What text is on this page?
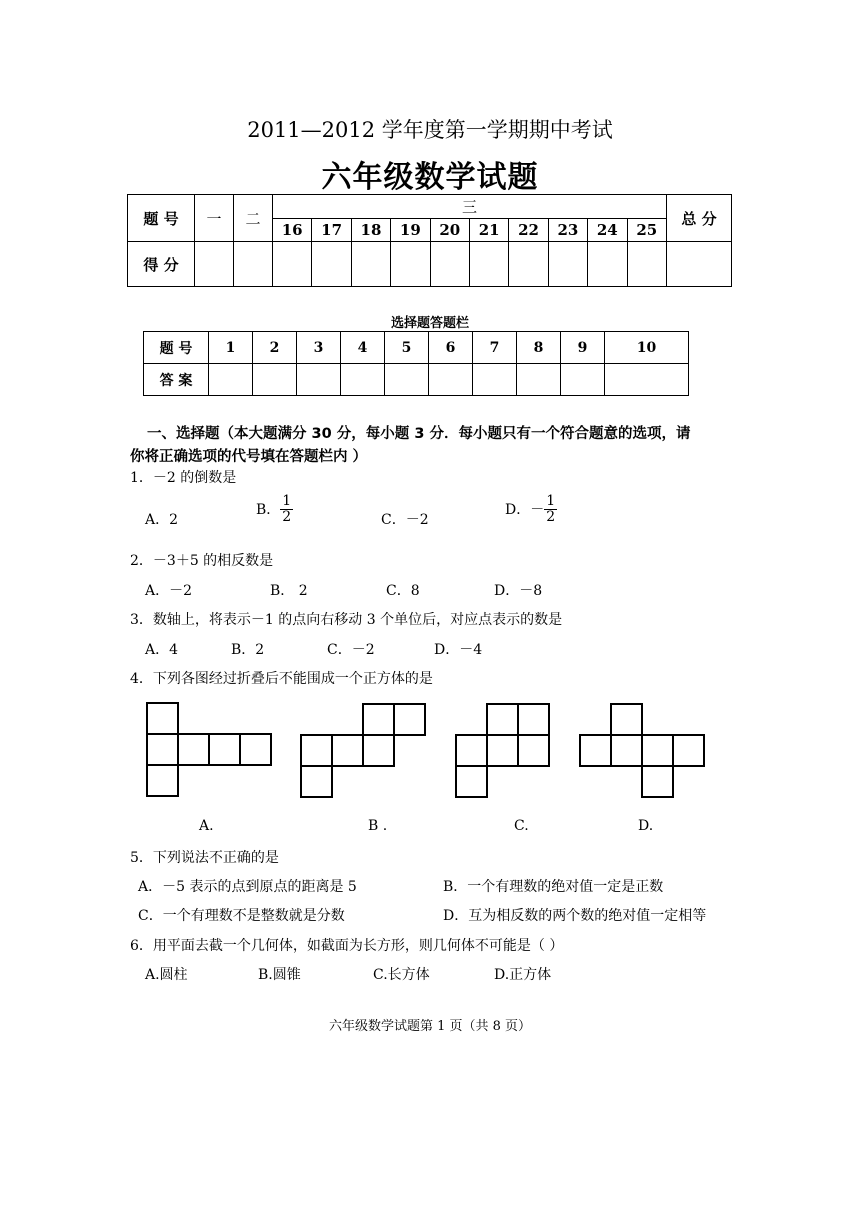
2011—2012 学年度第一学期期中考试
六年级数学试题
题 号	一	二	三										总 分
			16	17	18	19	20	21	22	23	24	25	
得 分													
选择题答题栏
题 号	1	2	3	4	5	6	7	8	9	10
答 案										
一、选择题（本大题满分 30 分，每小题 3 分．每小题只有一个符合题意的选项，请
你将正确选项的代号填在答题栏内 ）
1．－2 的倒数是
A．2
B． $\frac{1}{2}$	C．－2
D．－ $\frac{1}{2}$
2．－3＋5 的相反数是
A．－2	B． 2	C．8	D．－8
3．数轴上，将表示－1 的点向右移动 3 个单位后，对应点表示的数是
A．4	B．2	C．－2	D．－4
4．下列各图经过折叠后不能围成一个正方体的是
A.	B .	C.	D.
5．下列说法不正确的是
A．－5 表示的点到原点的距离是 5	B．一个有理数的绝对值一定是正数
C．一个有理数不是整数就是分数	D．互为相反数的两个数的绝对值一定相等
6．用平面去截一个几何体，如截面为长方形，则几何体不可能是（ ）
A.圆柱	B.圆锥	C.长方体	D.正方体
六年级数学试题第 1 页（共 8 页）
